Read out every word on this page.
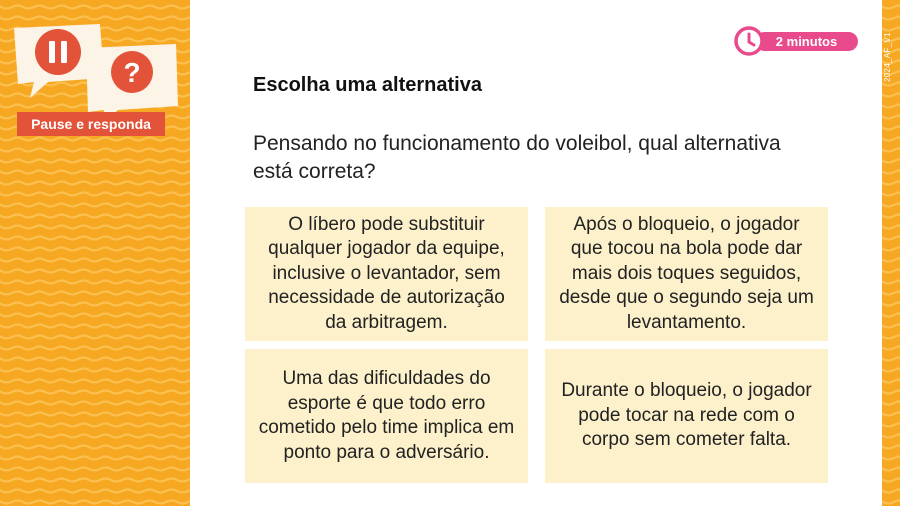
?
Pause e responda
2024_AF_V1
2 minutos
Escolha uma alternativa
Pensando no funcionamento do voleibol, qual alternativa está correta?
O líbero pode substituir qualquer jogador da equipe, inclusive o levantador, sem necessidade de autorização da arbitragem.
Após o bloqueio, o jogador que tocou na bola pode dar mais dois toques seguidos, desde que o segundo seja um levantamento.
Uma das dificuldades do esporte é que todo erro cometido pelo time implica em ponto para o adversário.
Durante o bloqueio, o jogador pode tocar na rede com o corpo sem cometer falta.
